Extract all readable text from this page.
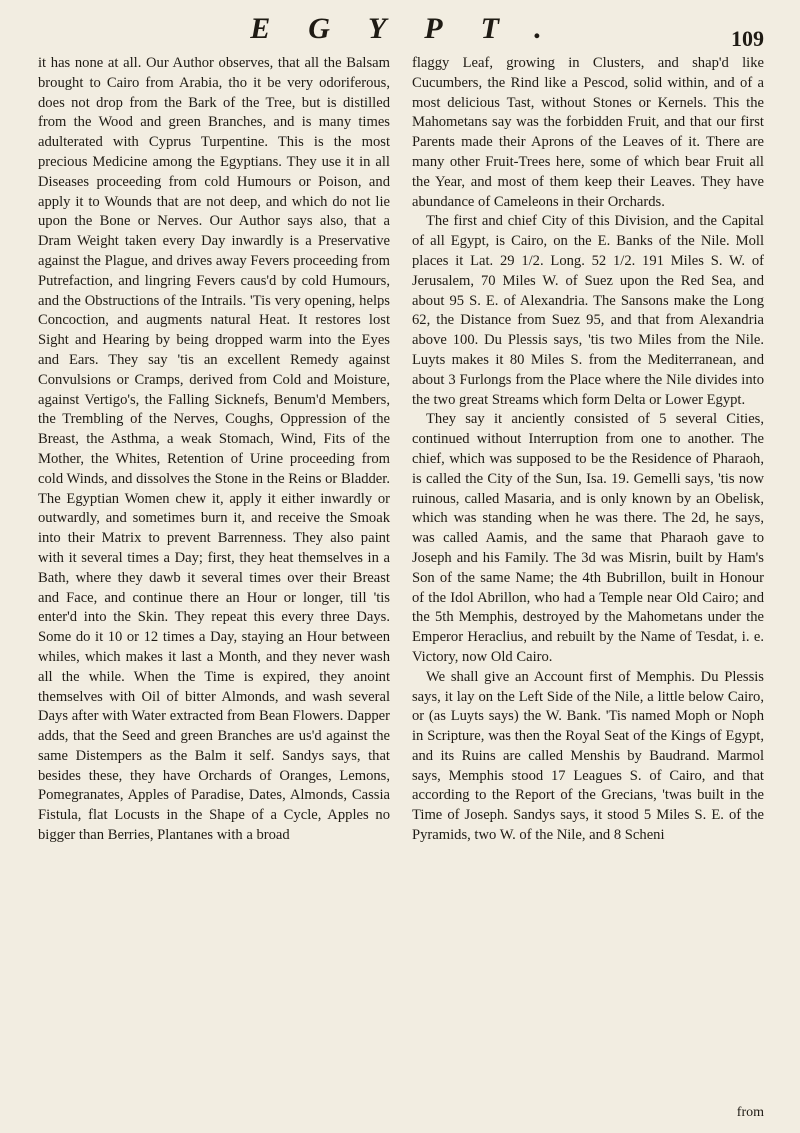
EGYPT.	109

it has none at all. Our Author observes, that all the Balsam brought to Cairo from Arabia, tho it be very odoriferous, does not drop from the Bark of the Tree, but is distilled from the Wood and green Branches, and is many times adulterated with Cyprus Turpentine. This is the most precious Medicine among the Egyptians. They use it in all Diseases proceeding from cold Humours or Poison, and apply it to Wounds that are not deep, and which do not lie upon the Bone or Nerves. Our Author says also, that a Dram Weight taken every Day inwardly is a Preservative against the Plague, and drives away Fevers proceeding from Putrefaction, and lingring Fevers caus'd by cold Humours, and the Obstructions of the Intrails. 'Tis very opening, helps Concoction, and augments natural Heat. It restores lost Sight and Hearing by being dropped warm into the Eyes and Ears. They say 'tis an excellent Remedy against Convulsions or Cramps, derived from Cold and Moisture, against Vertigo's, the Falling Sicknefs, Benum'd Members, the Trembling of the Nerves, Coughs, Oppression of the Breast, the Asthma, a weak Stomach, Wind, Fits of the Mother, the Whites, Retention of Urine proceeding from cold Winds, and dissolves the Stone in the Reins or Bladder. The Egyptian Women chew it, apply it either inwardly or outwardly, and sometimes burn it, and receive the Smoak into their Matrix to prevent Barrenness. They also paint with it several times a Day; first, they heat themselves in a Bath, where they dawb it several times over their Breast and Face, and continue there an Hour or longer, till 'tis enter'd into the Skin. They repeat this every three Days. Some do it 10 or 12 times a Day, staying an Hour between whiles, which makes it last a Month, and they never wash all the while. When the Time is expired, they anoint themselves with Oil of bitter Almonds, and wash several Days after with Water extracted from Bean Flowers. Dapper adds, that the Seed and green Branches are us'd against the same Distempers as the Balm it self. Sandys says, that besides these, they have Orchards of Oranges, Lemons, Pomegranates, Apples of Paradise, Dates, Almonds, Cassia Fistula, flat Locusts in the Shape of a Cycle, Apples no bigger than Berries, Plantanes with a broad

flaggy Leaf, growing in Clusters, and shap'd like Cucumbers, the Rind like a Pescod, solid within, and of a most delicious Tast, without Stones or Kernels. This the Mahometans say was the forbidden Fruit, and that our first Parents made their Aprons of the Leaves of it. There are many other Fruit-Trees here, some of which bear Fruit all the Year, and most of them keep their Leaves. They have abundance of Cameleons in their Orchards.

The first and chief City of this Division, and the Capital of all Egypt, is Cairo, on the E. Banks of the Nile. Moll places it Lat. 29 1/2. Long. 52 1/2. 191 Miles S. W. of Jerusalem, 70 Miles W. of Suez upon the Red Sea, and about 95 S. E. of Alexandria. The Sansons make the Long 62, the Distance from Suez 95, and that from Alexandria above 100. Du Plessis says, 'tis two Miles from the Nile. Luyts makes it 80 Miles S. from the Mediterranean, and about 3 Furlongs from the Place where the Nile divides into the two great Streams which form Delta or Lower Egypt.

They say it anciently consisted of 5 several Cities, continued without Interruption from one to another. The chief, which was supposed to be the Residence of Pharaoh, is called the City of the Sun, Isa. 19. Gemelli says, 'tis now ruinous, called Masaria, and is only known by an Obelisk, which was standing when he was there. The 2d, he says, was called Aamis, and the same that Pharaoh gave to Joseph and his Family. The 3d was Misrin, built by Ham's Son of the same Name; the 4th Bubrillon, built in Honour of the Idol Abrillon, who had a Temple near Old Cairo; and the 5th Memphis, destroyed by the Mahometans under the Emperor Heraclius, and rebuilt by the Name of Tesdat, i. e. Victory, now Old Cairo.

We shall give an Account first of Memphis. Du Plessis says, it lay on the Left Side of the Nile, a little below Cairo, or (as Luyts says) the W. Bank. 'Tis named Moph or Noph in Scripture, was then the Royal Seat of the Kings of Egypt, and its Ruins are called Menshis by Baudrand. Marmol says, Memphis stood 17 Leagues S. of Cairo, and that according to the Report of the Grecians, 'twas built in the Time of Joseph. Sandys says, it stood 5 Miles S. E. of the Pyramids, two W. of the Nile, and 8 Scheni

from
